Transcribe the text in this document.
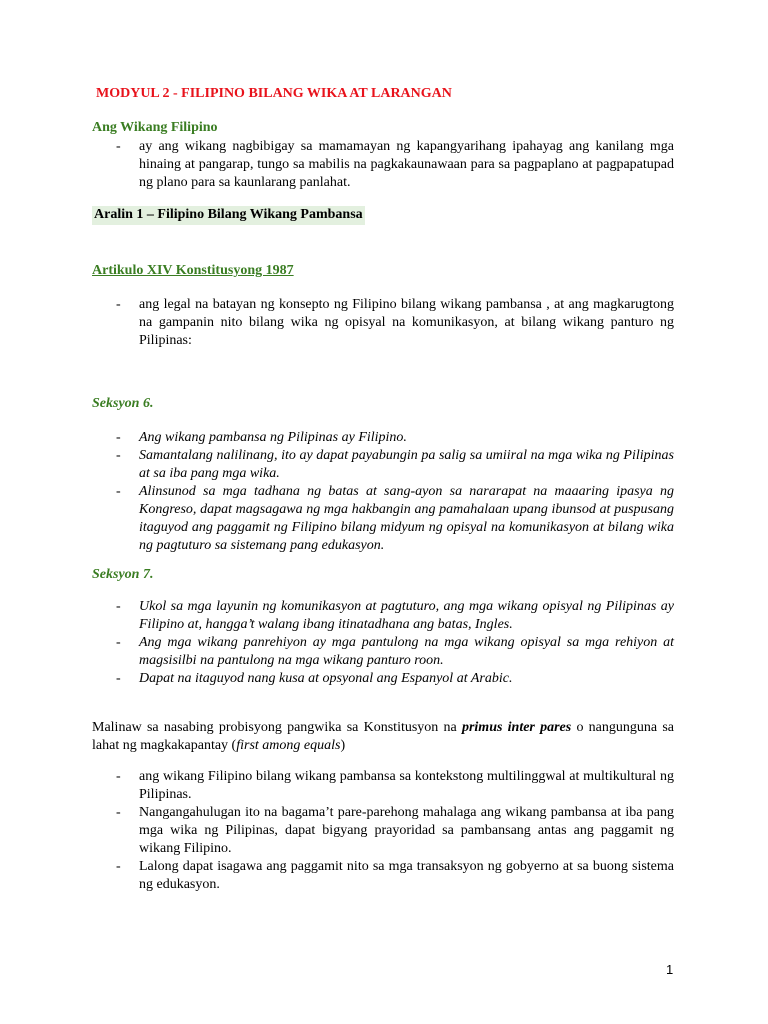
MODYUL 2 - FILIPINO BILANG WIKA AT LARANGAN
Ang Wikang Filipino
- ay ang wikang nagbibigay sa mamamayan ng kapangyarihang ipahayag ang kanilang mga hinaing at pangarap, tungo sa mabilis na pagkakaunawaan para sa pagpaplano at pagpapatupad ng plano para sa kaunlarang panlahat.
Aralin 1 – Filipino Bilang Wikang Pambansa
Artikulo XIV Konstitusyong 1987
- ang legal na batayan ng konsepto ng Filipino bilang wikang pambansa , at ang magkarugtong na gampanin nito bilang wika ng opisyal na komunikasyon, at bilang wikang panturo ng Pilipinas:
Seksyon 6.
- Ang wikang pambansa ng Pilipinas ay Filipino.
- Samantalang nalilinang, ito ay dapat payabungin pa salig sa umiiral na mga wika ng Pilipinas at sa iba pang mga wika.
- Alinsunod sa mga tadhana ng batas at sang-ayon sa nararapat na maaaring ipasya ng Kongreso, dapat magsagawa ng mga hakbangin ang pamahalaan upang ibunsod at puspusang itaguyod ang paggamit ng Filipino bilang midyum ng opisyal na komunikasyon at bilang wika ng pagtuturo sa sistemang pang edukasyon.
Seksyon 7.
- Ukol sa mga layunin ng komunikasyon at pagtuturo, ang mga wikang opisyal ng Pilipinas ay Filipino at, hangga’t walang ibang itinatadhana ang batas, Ingles.
- Ang mga wikang panrehiyon ay mga pantulong na mga wikang opisyal sa mga rehiyon at magsisilbi na pantulong na mga wikang panturo roon.
- Dapat na itaguyod nang kusa at opsyonal ang Espanyol at Arabic.

Malinaw sa nasabing probisyong pangwika sa Konstitusyon na primus inter pares o nangunguna sa lahat ng magkakapantay (first among equals)

- ang wikang Filipino bilang wikang pambansa sa kontekstong multilinggwal at multikultural ng Pilipinas.
- Nangangahulugan ito na bagama’t pare-parehong mahalaga ang wikang pambansa at iba pang mga wika ng Pilipinas, dapat bigyang prayoridad sa pambansang antas ang paggamit ng wikang Filipino.
- Lalong dapat isagawa ang paggamit nito sa mga transaksyon ng gobyerno at sa buong sistema ng edukasyon.
1
